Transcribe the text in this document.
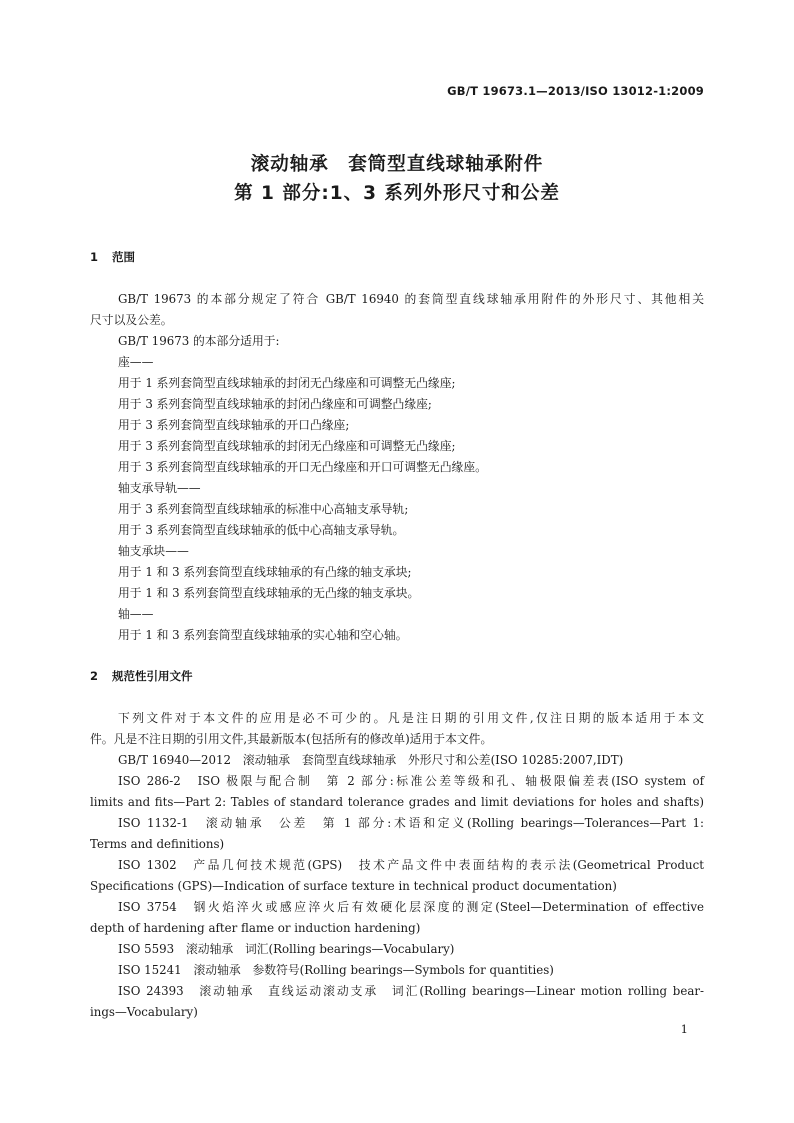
GB/T 19673.1—2013/ISO 13012-1:2009
滚动轴承　套筒型直线球轴承附件
第 1 部分:1、3 系列外形尺寸和公差
1 范围
GB/T 19673 的本部分规定了符合 GB/T 16940 的套筒型直线球轴承用附件的外形尺寸、其他相关
尺寸以及公差。
GB/T 19673 的本部分适用于:
座——
用于 1 系列套筒型直线球轴承的封闭无凸缘座和可调整无凸缘座;
用于 3 系列套筒型直线球轴承的封闭凸缘座和可调整凸缘座;
用于 3 系列套筒型直线球轴承的开口凸缘座;
用于 3 系列套筒型直线球轴承的封闭无凸缘座和可调整无凸缘座;
用于 3 系列套筒型直线球轴承的开口无凸缘座和开口可调整无凸缘座。
轴支承导轨——
用于 3 系列套筒型直线球轴承的标准中心高轴支承导轨;
用于 3 系列套筒型直线球轴承的低中心高轴支承导轨。
轴支承块——
用于 1 和 3 系列套筒型直线球轴承的有凸缘的轴支承块;
用于 1 和 3 系列套筒型直线球轴承的无凸缘的轴支承块。
轴——
用于 1 和 3 系列套筒型直线球轴承的实心轴和空心轴。
2 规范性引用文件
下列文件对于本文件的应用是必不可少的。凡是注日期的引用文件,仅注日期的版本适用于本文
件。凡是不注日期的引用文件,其最新版本(包括所有的修改单)适用于本文件。
GB/T 16940—2012　滚动轴承　套筒型直线球轴承　外形尺寸和公差(ISO 10285:2007,IDT)
ISO 286-2　ISO 极限与配合制　第 2 部分:标准公差等级和孔、轴极限偏差表(ISO system of
limits and fits—Part 2: Tables of standard tolerance grades and limit deviations for holes and shafts)
ISO 1132-1　滚动轴承　公差　第 1 部分:术语和定义(Rolling bearings—Tolerances—Part 1:
Terms and definitions)
ISO 1302　产品几何技术规范(GPS)　技术产品文件中表面结构的表示法(Geometrical Product
Specifications (GPS)—Indication of surface texture in technical product documentation)
ISO 3754　钢火焰淬火或感应淬火后有效硬化层深度的测定(Steel—Determination of effective
depth of hardening after flame or induction hardening)
ISO 5593　滚动轴承　词汇(Rolling bearings—Vocabulary)
ISO 15241　滚动轴承　参数符号(Rolling bearings—Symbols for quantities)
ISO 24393　滚动轴承　直线运动滚动支承　词汇(Rolling bearings—Linear motion rolling bear-
ings—Vocabulary)
1
